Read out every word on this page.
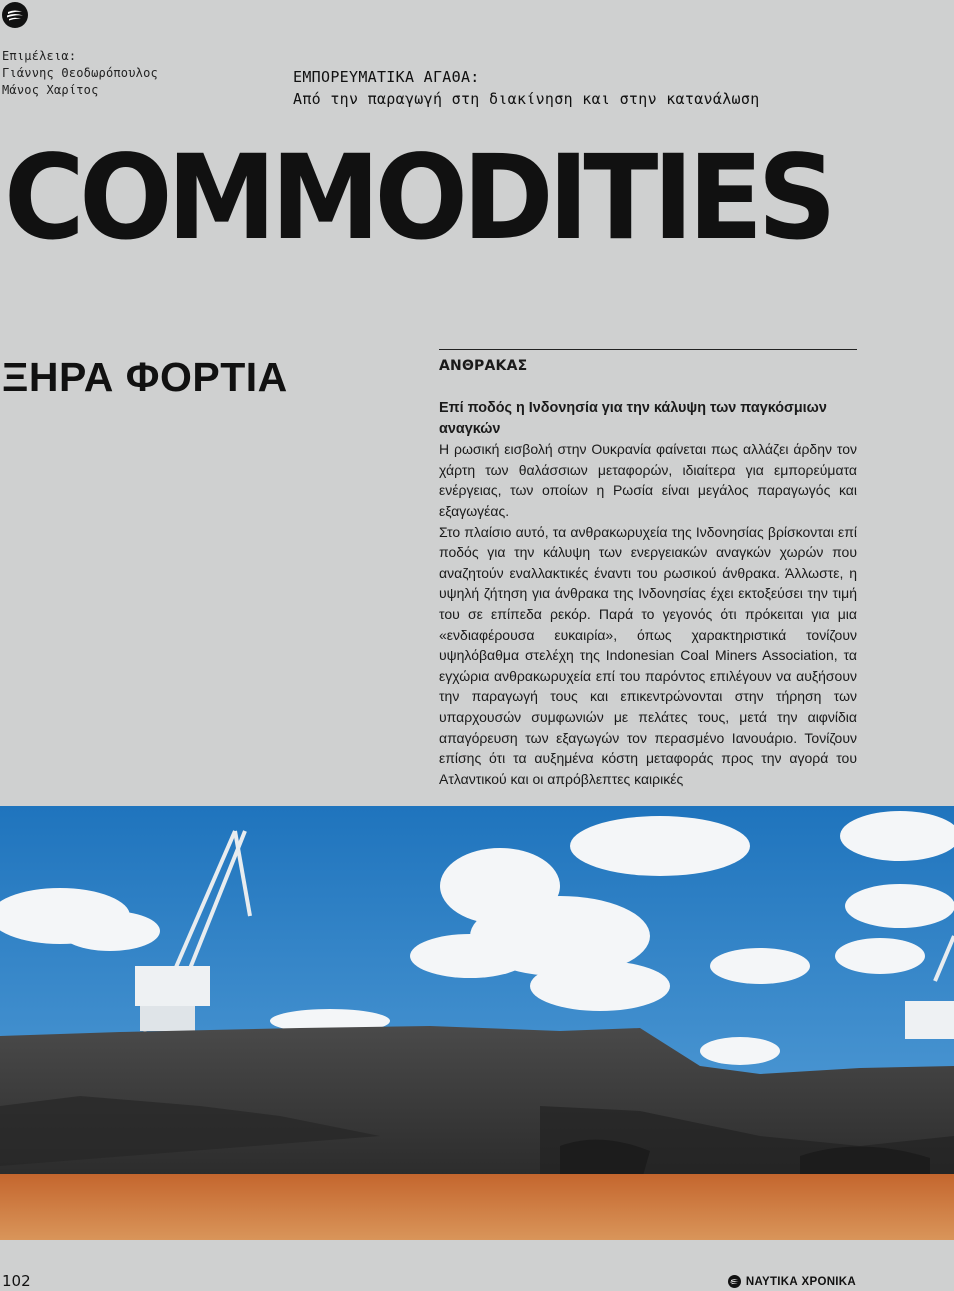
Επιμέλεια:
Γιάννης Θεοδωρόπουλος
Μάνος Χαρίτος
ΕΜΠΟΡΕΥΜΑΤΙΚΑ ΑΓΑΘΑ:
Από την παραγωγή στη διακίνηση και στην κατανάλωση
COMMODITIES
ΞΗΡΑ ΦΟΡΤΙΑ	ΑΝΘΡΑΚΑΣ
Επί ποδός η Ινδονησία για την κάλυψη των παγκόσμιων αναγκών

Η ρωσική εισβολή στην Ουκρανία φαίνεται πως αλλάζει άρδην τον χάρτη των θαλάσσιων μεταφορών, ιδιαίτερα για εμπορεύματα ενέργειας, των οποίων η Ρωσία είναι μεγάλος παραγωγός και εξαγωγέας.

Στο πλαίσιο αυτό, τα ανθρακωρυχεία της Ινδονησίας βρίσκονται επί ποδός για την κάλυψη των ενεργειακών αναγκών χωρών που αναζητούν εναλλακτικές έναντι του ρωσικού άνθρακα. Άλλωστε, η υψηλή ζήτηση για άνθρακα της Ινδονησίας έχει εκτοξεύσει την τιμή του σε επίπεδα ρεκόρ. Παρά το γεγονός ότι πρόκειται για μια «ενδιαφέρουσα ευκαιρία», όπως χαρακτηριστικά τονίζουν υψηλόβαθμα στελέχη της Indonesian Coal Miners Association, τα εγχώρια ανθρακωρυχεία επί του παρόντος επιλέγουν να αυξήσουν την παραγωγή τους και επικεντρώνονται στην τήρηση των υπαρχουσών συμφωνιών με πελάτες τους, μετά την αιφνίδια απαγόρευση των εξαγωγών τον περασμένο Ιανουάριο. Τονίζουν επίσης ότι τα αυξημένα κόστη μεταφοράς προς την αγορά του Ατλαντικού και οι απρόβλεπτες καιρικές

102	ΝΑΥΤΙΚΑ ΧΡΟΝΙΚΑ
